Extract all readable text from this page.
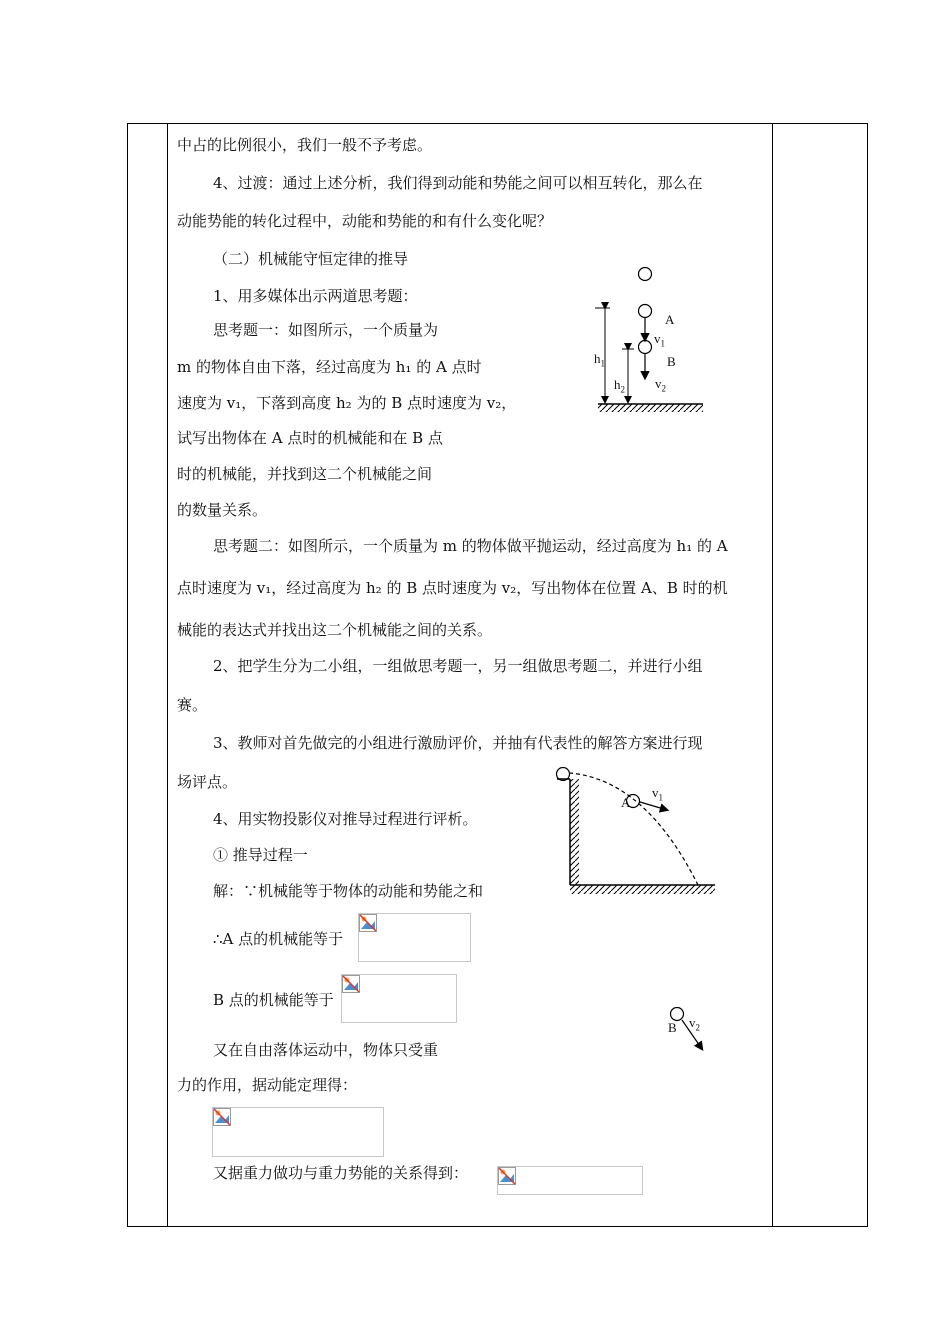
中占的比例很小，我们一般不予考虑。
4、过渡：通过上述分析，我们得到动能和势能之间可以相互转化，那么在
动能势能的转化过程中，动能和势能的和有什么变化呢？
（二）机械能守恒定律的推导
1、用多媒体出示两道思考题：
思考题一：如图所示，一个质量为
m 的物体自由下落，经过高度为 h₁ 的 A 点时
速度为 v₁，下落到高度 h₂ 为的 B 点时速度为 v₂，
试写出物体在 A 点时的机械能和在 B 点
时的机械能，并找到这二个机械能之间
的数量关系。
思考题二：如图所示，一个质量为 m 的物体做平抛运动，经过高度为 h₁ 的 A
点时速度为 v₁，经过高度为 h₂ 的 B 点时速度为 v₂，写出物体在位置 A、B 时的机
械能的表达式并找出这二个机械能之间的关系。
2、把学生分为二小组，一组做思考题一，另一组做思考题二，并进行小组
赛。
3、教师对首先做完的小组进行激励评价，并抽有代表性的解答方案进行现
场评点。
4、用实物投影仪对推导过程进行评析。
① 推导过程一
解：∵机械能等于物体的动能和势能之和
∴A 点的机械能等于
B 点的机械能等于
又在自由落体运动中，物体只受重
力的作用，据动能定理得：
又据重力做功与重力势能的关系得到：
A
$v_1$
B
$v_2$
$h_1$
$h_2$
A
$v_1$
B $v_2$
